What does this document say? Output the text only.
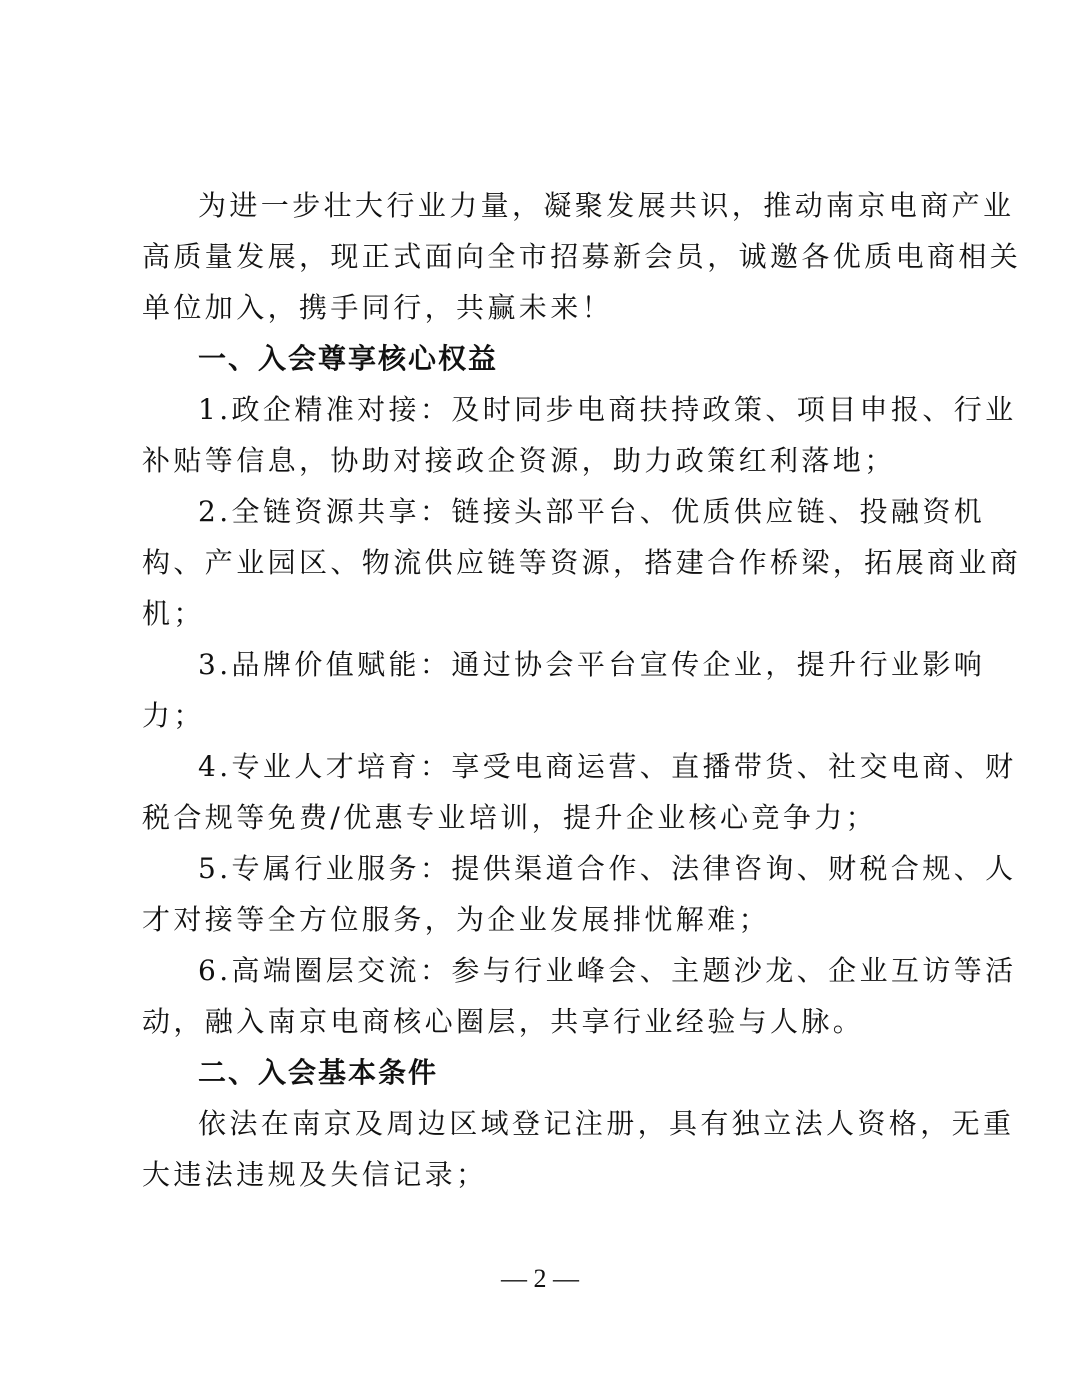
为进一步壮大行业力量，凝聚发展共识，推动南京电商产业
高质量发展，现正式面向全市招募新会员，诚邀各优质电商相关
单位加入，携手同行，共赢未来！
一、入会尊享核心权益
1.政企精准对接：及时同步电商扶持政策、项目申报、行业
补贴等信息，协助对接政企资源，助力政策红利落地；
2.全链资源共享：链接头部平台、优质供应链、投融资机
构、产业园区、物流供应链等资源，搭建合作桥梁，拓展商业商
机；
3.品牌价值赋能：通过协会平台宣传企业，提升行业影响
力；
4.专业人才培育：享受电商运营、直播带货、社交电商、财
税合规等免费/优惠专业培训，提升企业核心竞争力；
5.专属行业服务：提供渠道合作、法律咨询、财税合规、人
才对接等全方位服务，为企业发展排忧解难；
6.高端圈层交流：参与行业峰会、主题沙龙、企业互访等活
动，融入南京电商核心圈层，共享行业经验与人脉。
二、入会基本条件
依法在南京及周边区域登记注册，具有独立法人资格，无重
大违法违规及失信记录；
— 2 —
